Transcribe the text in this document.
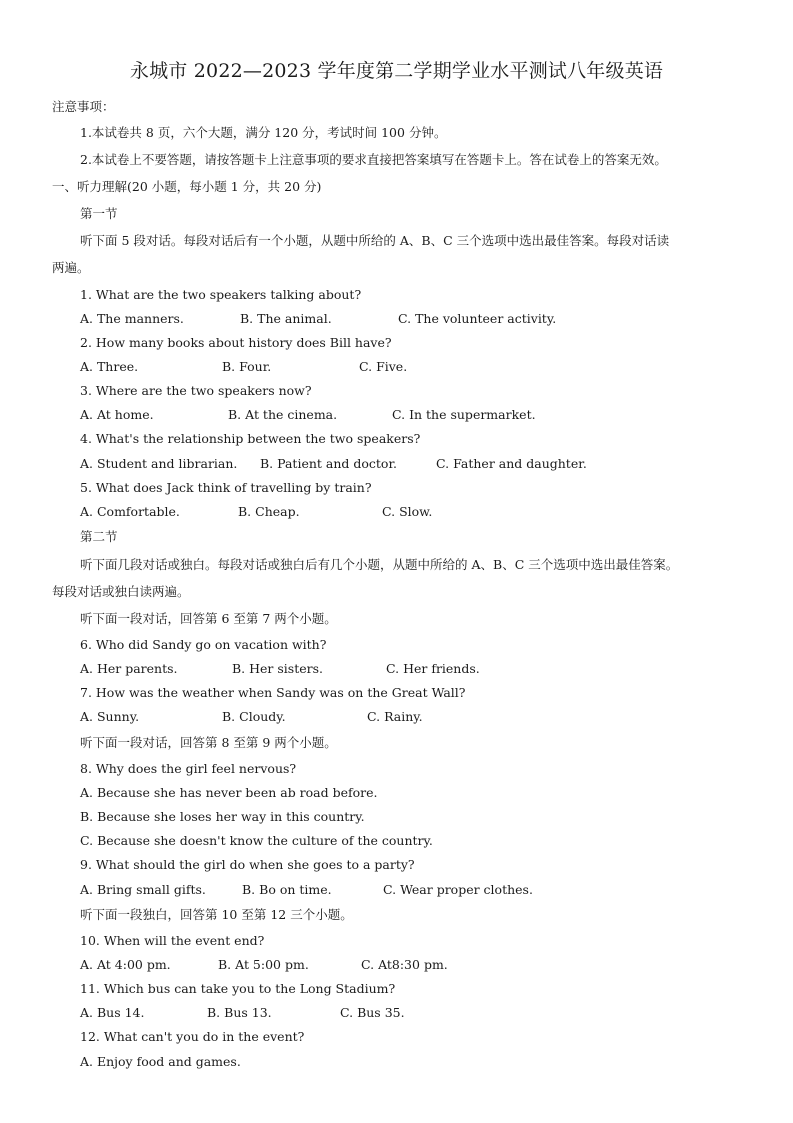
永城市 2022—2023 学年度第二学期学业水平测试八年级英语
注意事项：
1.本试卷共 8 页，六个大题，满分 120 分，考试时间 100 分钟。
2.本试卷上不要答题，请按答题卡上注意事项的要求直接把答案填写在答题卡上。答在试卷上的答案无效。
一、听力理解(20 小题，每小题 1 分，共 20 分)
第一节
听下面 5 段对话。每段对话后有一个小题，从题中所给的 A、B、C 三个选项中选出最佳答案。每段对话读
两遍。
1. What are the two speakers talking about?
A. The manners.	B. The animal.	C. The volunteer activity.
2. How many books about history does Bill have?
A. Three.	B. Four.	C. Five.
3. Where are the two speakers now?
A. At home.	B. At the cinema.	C. In the supermarket.
4. What's the relationship between the two speakers?
A. Student and librarian. B. Patient and doctor.	C. Father and daughter.
5. What does Jack think of travelling by train?
A. Comfortable.	B. Cheap.	C. Slow.
第二节
听下面几段对话或独白。每段对话或独白后有几个小题，从题中所给的 A、B、C 三个选项中选出最佳答案。
每段对话或独白读两遍。
听下面一段对话，回答第 6 至第 7 两个小题。
6. Who did Sandy go on vacation with?
A. Her parents.	B. Her sisters.	C. Her friends.
7. How was the weather when Sandy was on the Great Wall?
A. Sunny.	B. Cloudy.	C. Rainy.
听下面一段对话，回答第 8 至第 9 两个小题。
8. Why does the girl feel nervous?
A. Because she has never been ab road before.
B. Because she loses her way in this country.
C. Because she doesn't know the culture of the country.
9. What should the girl do when she goes to a party?
A. Bring small gifts.	B. Bo on time.	C. Wear proper clothes.
听下面一段独白，回答第 10 至第 12 三个小题。
10. When will the event end?
A. At 4:00 pm.	B. At 5:00 pm.	C. At8:30 pm.
11. Which bus can take you to the Long Stadium?
A. Bus 14.	B. Bus 13.	C. Bus 35.
12. What can't you do in the event?
A. Enjoy food and games.
